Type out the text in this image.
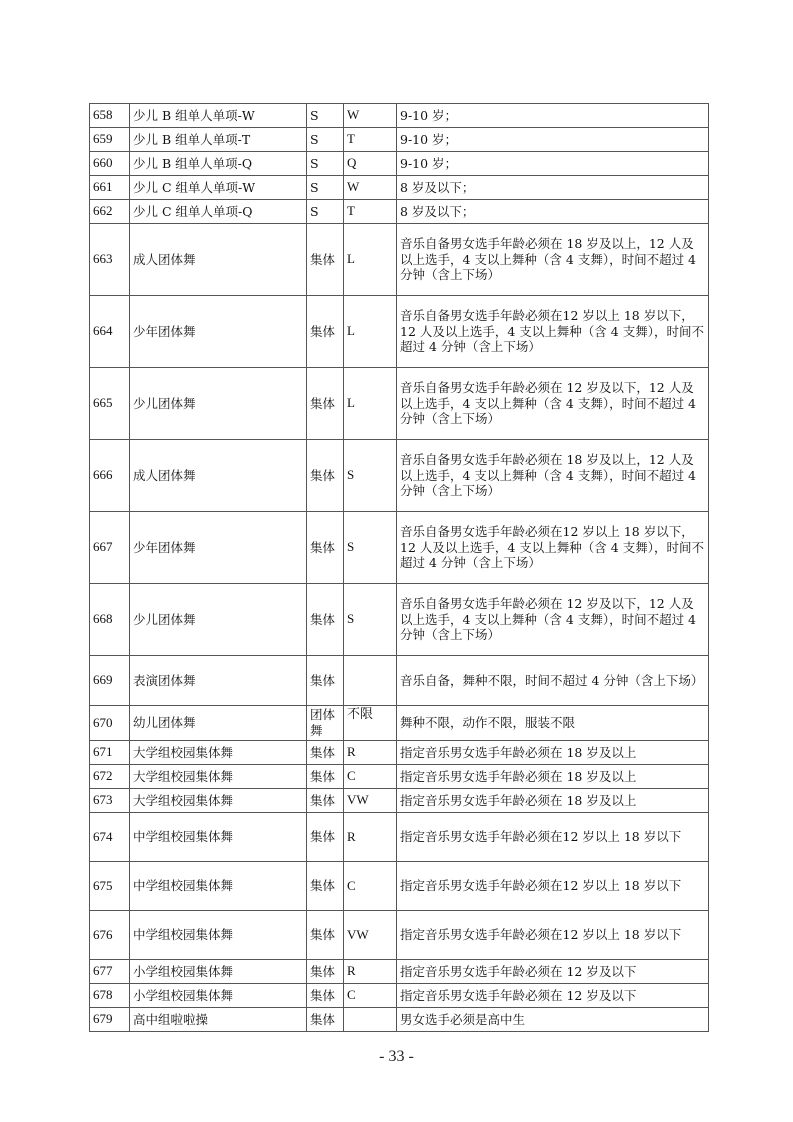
658	少儿 B 组单人单项-W	S	W	9-10 岁；
659	少儿 B 组单人单项-T	S	T	9-10 岁；
660	少儿 B 组单人单项-Q	S	Q	9-10 岁；
661	少儿 C 组单人单项-W	S	W	8 岁及以下；
662	少儿 C 组单人单项-Q	S	T	8 岁及以下；
663	成人团体舞	集体	L	音乐自备男女选手年龄必须在 18 岁及以上，12 人及以上选手，4 支以上舞种（含 4 支舞），时间不超过 4 分钟（含上下场）
664	少年团体舞	集体	L	音乐自备男女选手年龄必须在12 岁以上 18 岁以下，12 人及以上选手，4 支以上舞种（含 4 支舞），时间不超过 4 分钟（含上下场）
665	少儿团体舞	集体	L	音乐自备男女选手年龄必须在 12 岁及以下，12 人及以上选手，4 支以上舞种（含 4 支舞），时间不超过 4 分钟（含上下场）
666	成人团体舞	集体	S	音乐自备男女选手年龄必须在 18 岁及以上，12 人及以上选手，4 支以上舞种（含 4 支舞），时间不超过 4 分钟（含上下场）
667	少年团体舞	集体	S	音乐自备男女选手年龄必须在12 岁以上 18 岁以下，12 人及以上选手，4 支以上舞种（含 4 支舞），时间不超过 4 分钟（含上下场）
668	少儿团体舞	集体	S	音乐自备男女选手年龄必须在 12 岁及以下，12 人及以上选手，4 支以上舞种（含 4 支舞），时间不超过 4 分钟（含上下场）
669	表演团体舞	集体		音乐自备，舞种不限，时间不超过 4 分钟（含上下场）
670	幼儿团体舞	团体舞	不限	舞种不限，动作不限，服装不限
671	大学组校园集体舞	集体	R	指定音乐男女选手年龄必须在 18 岁及以上
672	大学组校园集体舞	集体	C	指定音乐男女选手年龄必须在 18 岁及以上
673	大学组校园集体舞	集体	VW	指定音乐男女选手年龄必须在 18 岁及以上
674	中学组校园集体舞	集体	R	指定音乐男女选手年龄必须在12 岁以上 18 岁以下
675	中学组校园集体舞	集体	C	指定音乐男女选手年龄必须在12 岁以上 18 岁以下
676	中学组校园集体舞	集体	VW	指定音乐男女选手年龄必须在12 岁以上 18 岁以下
677	小学组校园集体舞	集体	R	指定音乐男女选手年龄必须在 12 岁及以下
678	小学组校园集体舞	集体	C	指定音乐男女选手年龄必须在 12 岁及以下
679	高中组啦啦操	集体		男女选手必须是高中生
- 33 -
